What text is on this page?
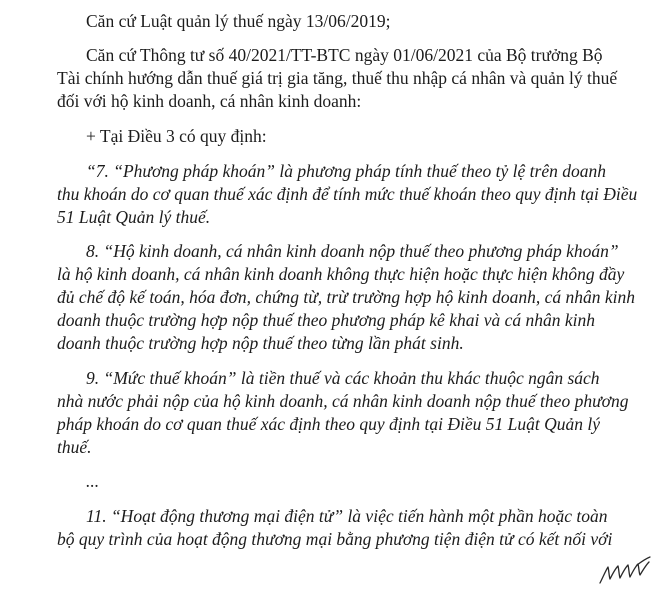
Căn cứ Luật quản lý thuế ngày 13/06/2019;
Căn cứ Thông tư số 40/2021/TT-BTC ngày 01/06/2021 của Bộ trưởng Bộ
Tài chính hướng dẫn thuế giá trị gia tăng, thuế thu nhập cá nhân và quản lý thuế
đối với hộ kinh doanh, cá nhân kinh doanh:
+ Tại Điều 3 có quy định:
“7. “Phương pháp khoán” là phương pháp tính thuế theo tỷ lệ trên doanh
thu khoán do cơ quan thuế xác định để tính mức thuế khoán theo quy định tại Điều
51 Luật Quản lý thuế.
8. “Hộ kinh doanh, cá nhân kinh doanh nộp thuế theo phương pháp khoán”
là hộ kinh doanh, cá nhân kinh doanh không thực hiện hoặc thực hiện không đầy
đủ chế độ kế toán, hóa đơn, chứng từ, trừ trường hợp hộ kinh doanh, cá nhân kinh
doanh thuộc trường hợp nộp thuế theo phương pháp kê khai và cá nhân kinh
doanh thuộc trường hợp nộp thuế theo từng lần phát sinh.
9. “Mức thuế khoán” là tiền thuế và các khoản thu khác thuộc ngân sách
nhà nước phải nộp của hộ kinh doanh, cá nhân kinh doanh nộp thuế theo phương
pháp khoán do cơ quan thuế xác định theo quy định tại Điều 51 Luật Quản lý
thuế.
...
11. “Hoạt động thương mại điện tử” là việc tiến hành một phần hoặc toàn
bộ quy trình của hoạt động thương mại bằng phương tiện điện tử có kết nối với
